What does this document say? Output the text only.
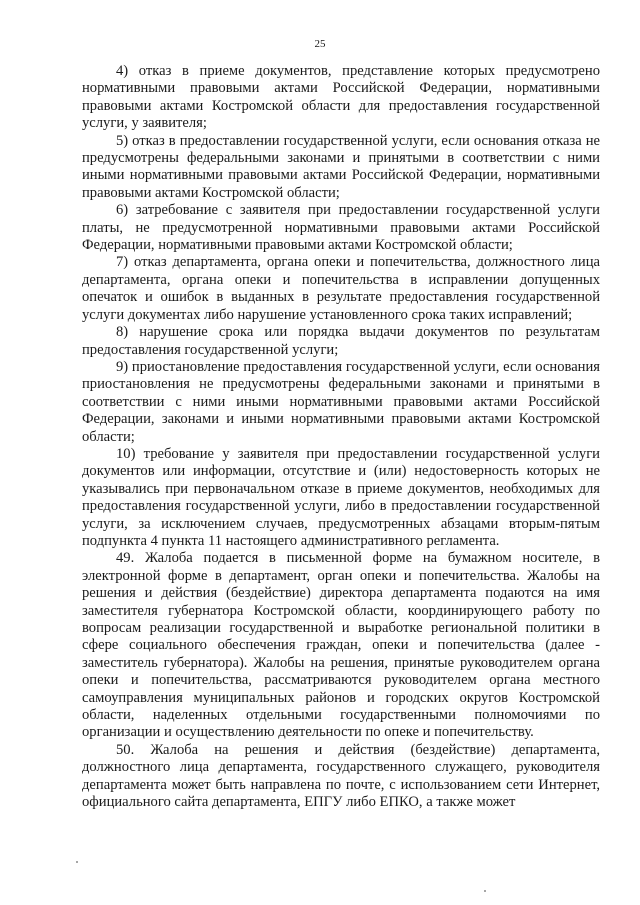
25

4) отказ в приеме документов, представление которых предусмотрено нормативными правовыми актами Российской Федерации, нормативными правовыми актами Костромской области для предоставления государственной услуги, у заявителя;

5) отказ в предоставлении государственной услуги, если основания отказа не предусмотрены федеральными законами и принятыми в соответствии с ними иными нормативными правовыми актами Российской Федерации, нормативными правовыми актами Костромской области;

6) затребование с заявителя при предоставлении государственной услуги платы, не предусмотренной нормативными правовыми актами Российской Федерации, нормативными правовыми актами Костромской области;

7) отказ департамента, органа опеки и попечительства, должностного лица департамента, органа опеки и попечительства в исправлении допущенных опечаток и ошибок в выданных в результате предоставления государственной услуги документах либо нарушение установленного срока таких исправлений;

8) нарушение срока или порядка выдачи документов по результатам предоставления государственной услуги;

9) приостановление предоставления государственной услуги, если основания приостановления не предусмотрены федеральными законами и принятыми в соответствии с ними иными нормативными правовыми актами Российской Федерации, законами и иными нормативными правовыми актами Костромской области;

10) требование у заявителя при предоставлении государственной услуги документов или информации, отсутствие и (или) недостоверность которых не указывались при первоначальном отказе в приеме документов, необходимых для предоставления государственной услуги, либо в предоставлении государственной услуги, за исключением случаев, предусмотренных абзацами вторым-пятым подпункта 4 пункта 11 настоящего административного регламента.

49. Жалоба подается в письменной форме на бумажном носителе, в электронной форме в департамент, орган опеки и попечительства. Жалобы на решения и действия (бездействие) директора департамента подаются на имя заместителя губернатора Костромской области, координирующего работу по вопросам реализации государственной и выработке региональной политики в сфере социального обеспечения граждан, опеки и попечительства (далее - заместитель губернатора). Жалобы на решения, принятые руководителем органа опеки и попечительства, рассматриваются руководителем органа местного самоуправления муниципальных районов и городских округов Костромской области, наделенных отдельными государственными полномочиями по организации и осуществлению деятельности по опеке и попечительству.

50. Жалоба на решения и действия (бездействие) департамента, должностного лица департамента, государственного служащего, руководителя департамента может быть направлена по почте, с использованием сети Интернет, официального сайта департамента, ЕПГУ либо ЕПКО, а также может
